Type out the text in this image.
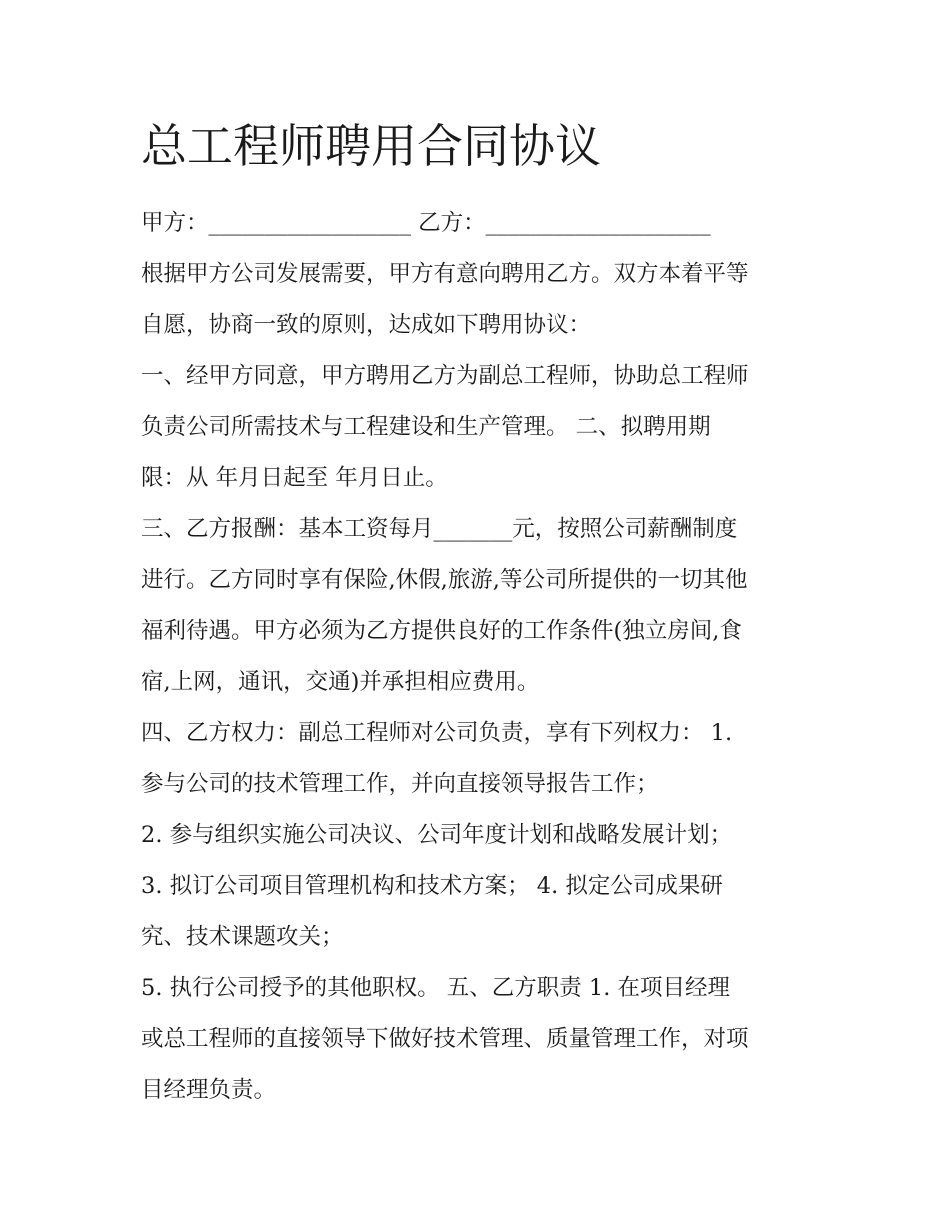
总工程师聘用合同协议
甲方：__________________ 乙方：____________________
根据甲方公司发展需要，甲方有意向聘用乙方。双方本着平等
自愿，协商一致的原则，达成如下聘用协议：
一、经甲方同意，甲方聘用乙方为副总工程师，协助总工程师
负责公司所需技术与工程建设和生产管理。 二、拟聘用期
限：从 年月日起至 年月日止。
三、乙方报酬：基本工资每月_______元，按照公司薪酬制度
进行。乙方同时享有保险,休假,旅游,等公司所提供的一切其他
福利待遇。甲方必须为乙方提供良好的工作条件(独立房间,食
宿,上网，通讯，交通)并承担相应费用。
四、乙方权力：副总工程师对公司负责，享有下列权力： 1.
参与公司的技术管理工作，并向直接领导报告工作；
2. 参与组织实施公司决议、公司年度计划和战略发展计划；
3. 拟订公司项目管理机构和技术方案； 4. 拟定公司成果研
究、技术课题攻关；
5. 执行公司授予的其他职权。 五、乙方职责 1. 在项目经理
或总工程师的直接领导下做好技术管理、质量管理工作，对项
目经理负责。
